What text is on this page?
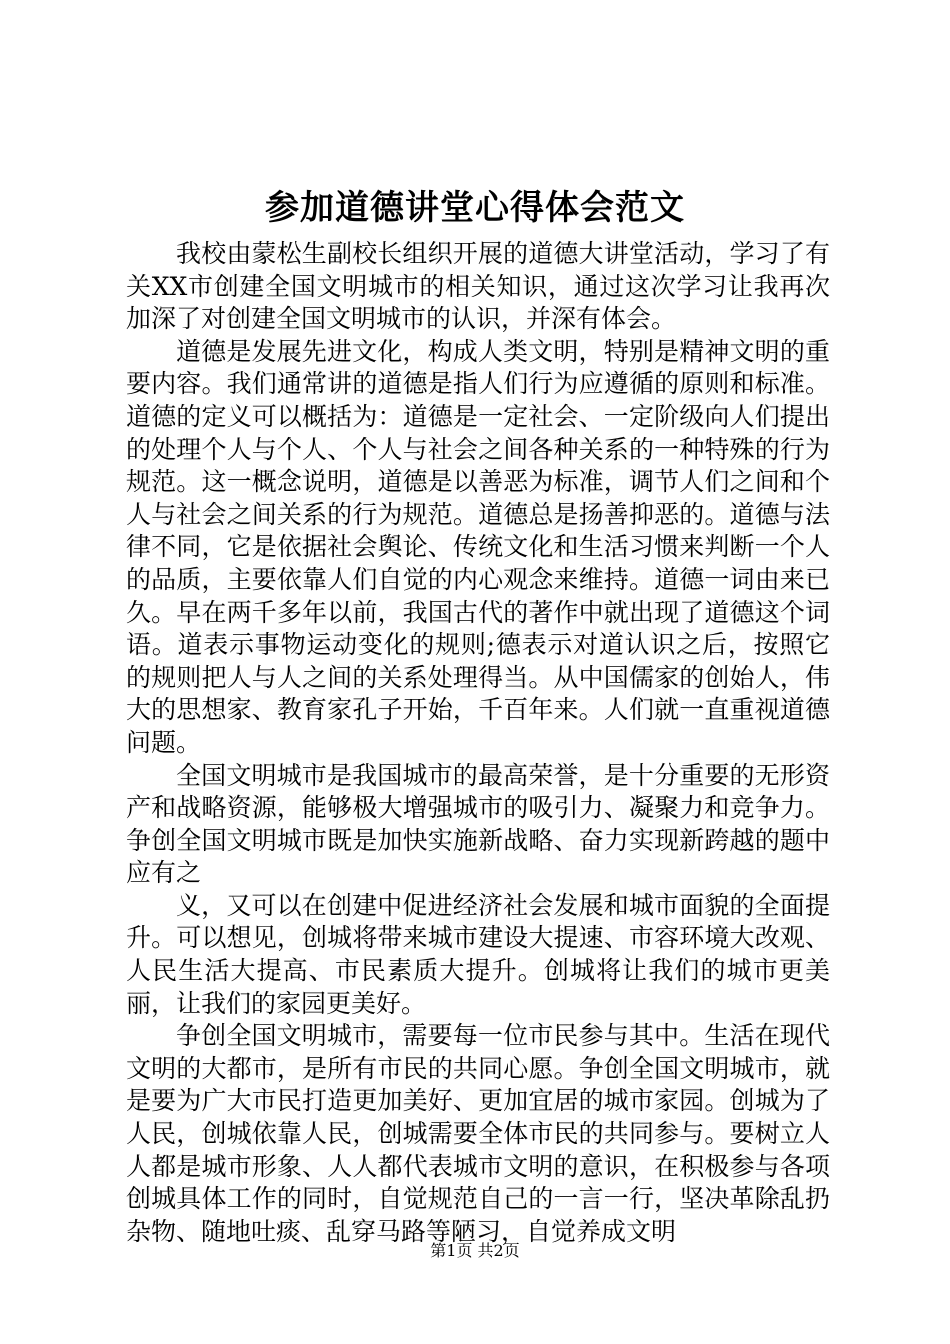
参加道德讲堂心得体会范文

我校由蒙松生副校长组织开展的道德大讲堂活动，学习了有关XX市创建全国文明城市的相关知识，通过这次学习让我再次加深了对创建全国文明城市的认识，并深有体会。

道德是发展先进文化，构成人类文明，特别是精神文明的重要内容。我们通常讲的道德是指人们行为应遵循的原则和标准。道德的定义可以概括为：道德是一定社会、一定阶级向人们提出的处理个人与个人、个人与社会之间各种关系的一种特殊的行为规范。这一概念说明，道德是以善恶为标准，调节人们之间和个人与社会之间关系的行为规范。道德总是扬善抑恶的。道德与法律不同，它是依据社会舆论、传统文化和生活习惯来判断一个人的品质，主要依靠人们自觉的内心观念来维持。道德一词由来已久。早在两千多年以前，我国古代的著作中就出现了道德这个词语。道表示事物运动变化的规则;德表示对道认识之后，按照它的规则把人与人之间的关系处理得当。从中国儒家的创始人，伟大的思想家、教育家孔子开始，千百年来。人们就一直重视道德问题。

全国文明城市是我国城市的最高荣誉，是十分重要的无形资产和战略资源，能够极大增强城市的吸引力、凝聚力和竞争力。争创全国文明城市既是加快实施新战略、奋力实现新跨越的题中应有之

义，又可以在创建中促进经济社会发展和城市面貌的全面提升。可以想见，创城将带来城市建设大提速、市容环境大改观、人民生活大提高、市民素质大提升。创城将让我们的城市更美丽，让我们的家园更美好。

争创全国文明城市，需要每一位市民参与其中。生活在现代文明的大都市，是所有市民的共同心愿。争创全国文明城市，就是要为广大市民打造更加美好、更加宜居的城市家园。创城为了人民，创城依靠人民，创城需要全体市民的共同参与。要树立人人都是城市形象、人人都代表城市文明的意识，在积极参与各项创城具体工作的同时，自觉规范自己的一言一行，坚决革除乱扔杂物、随地吐痰、乱穿马路等陋习，自觉养成文明

第1页 共2页
